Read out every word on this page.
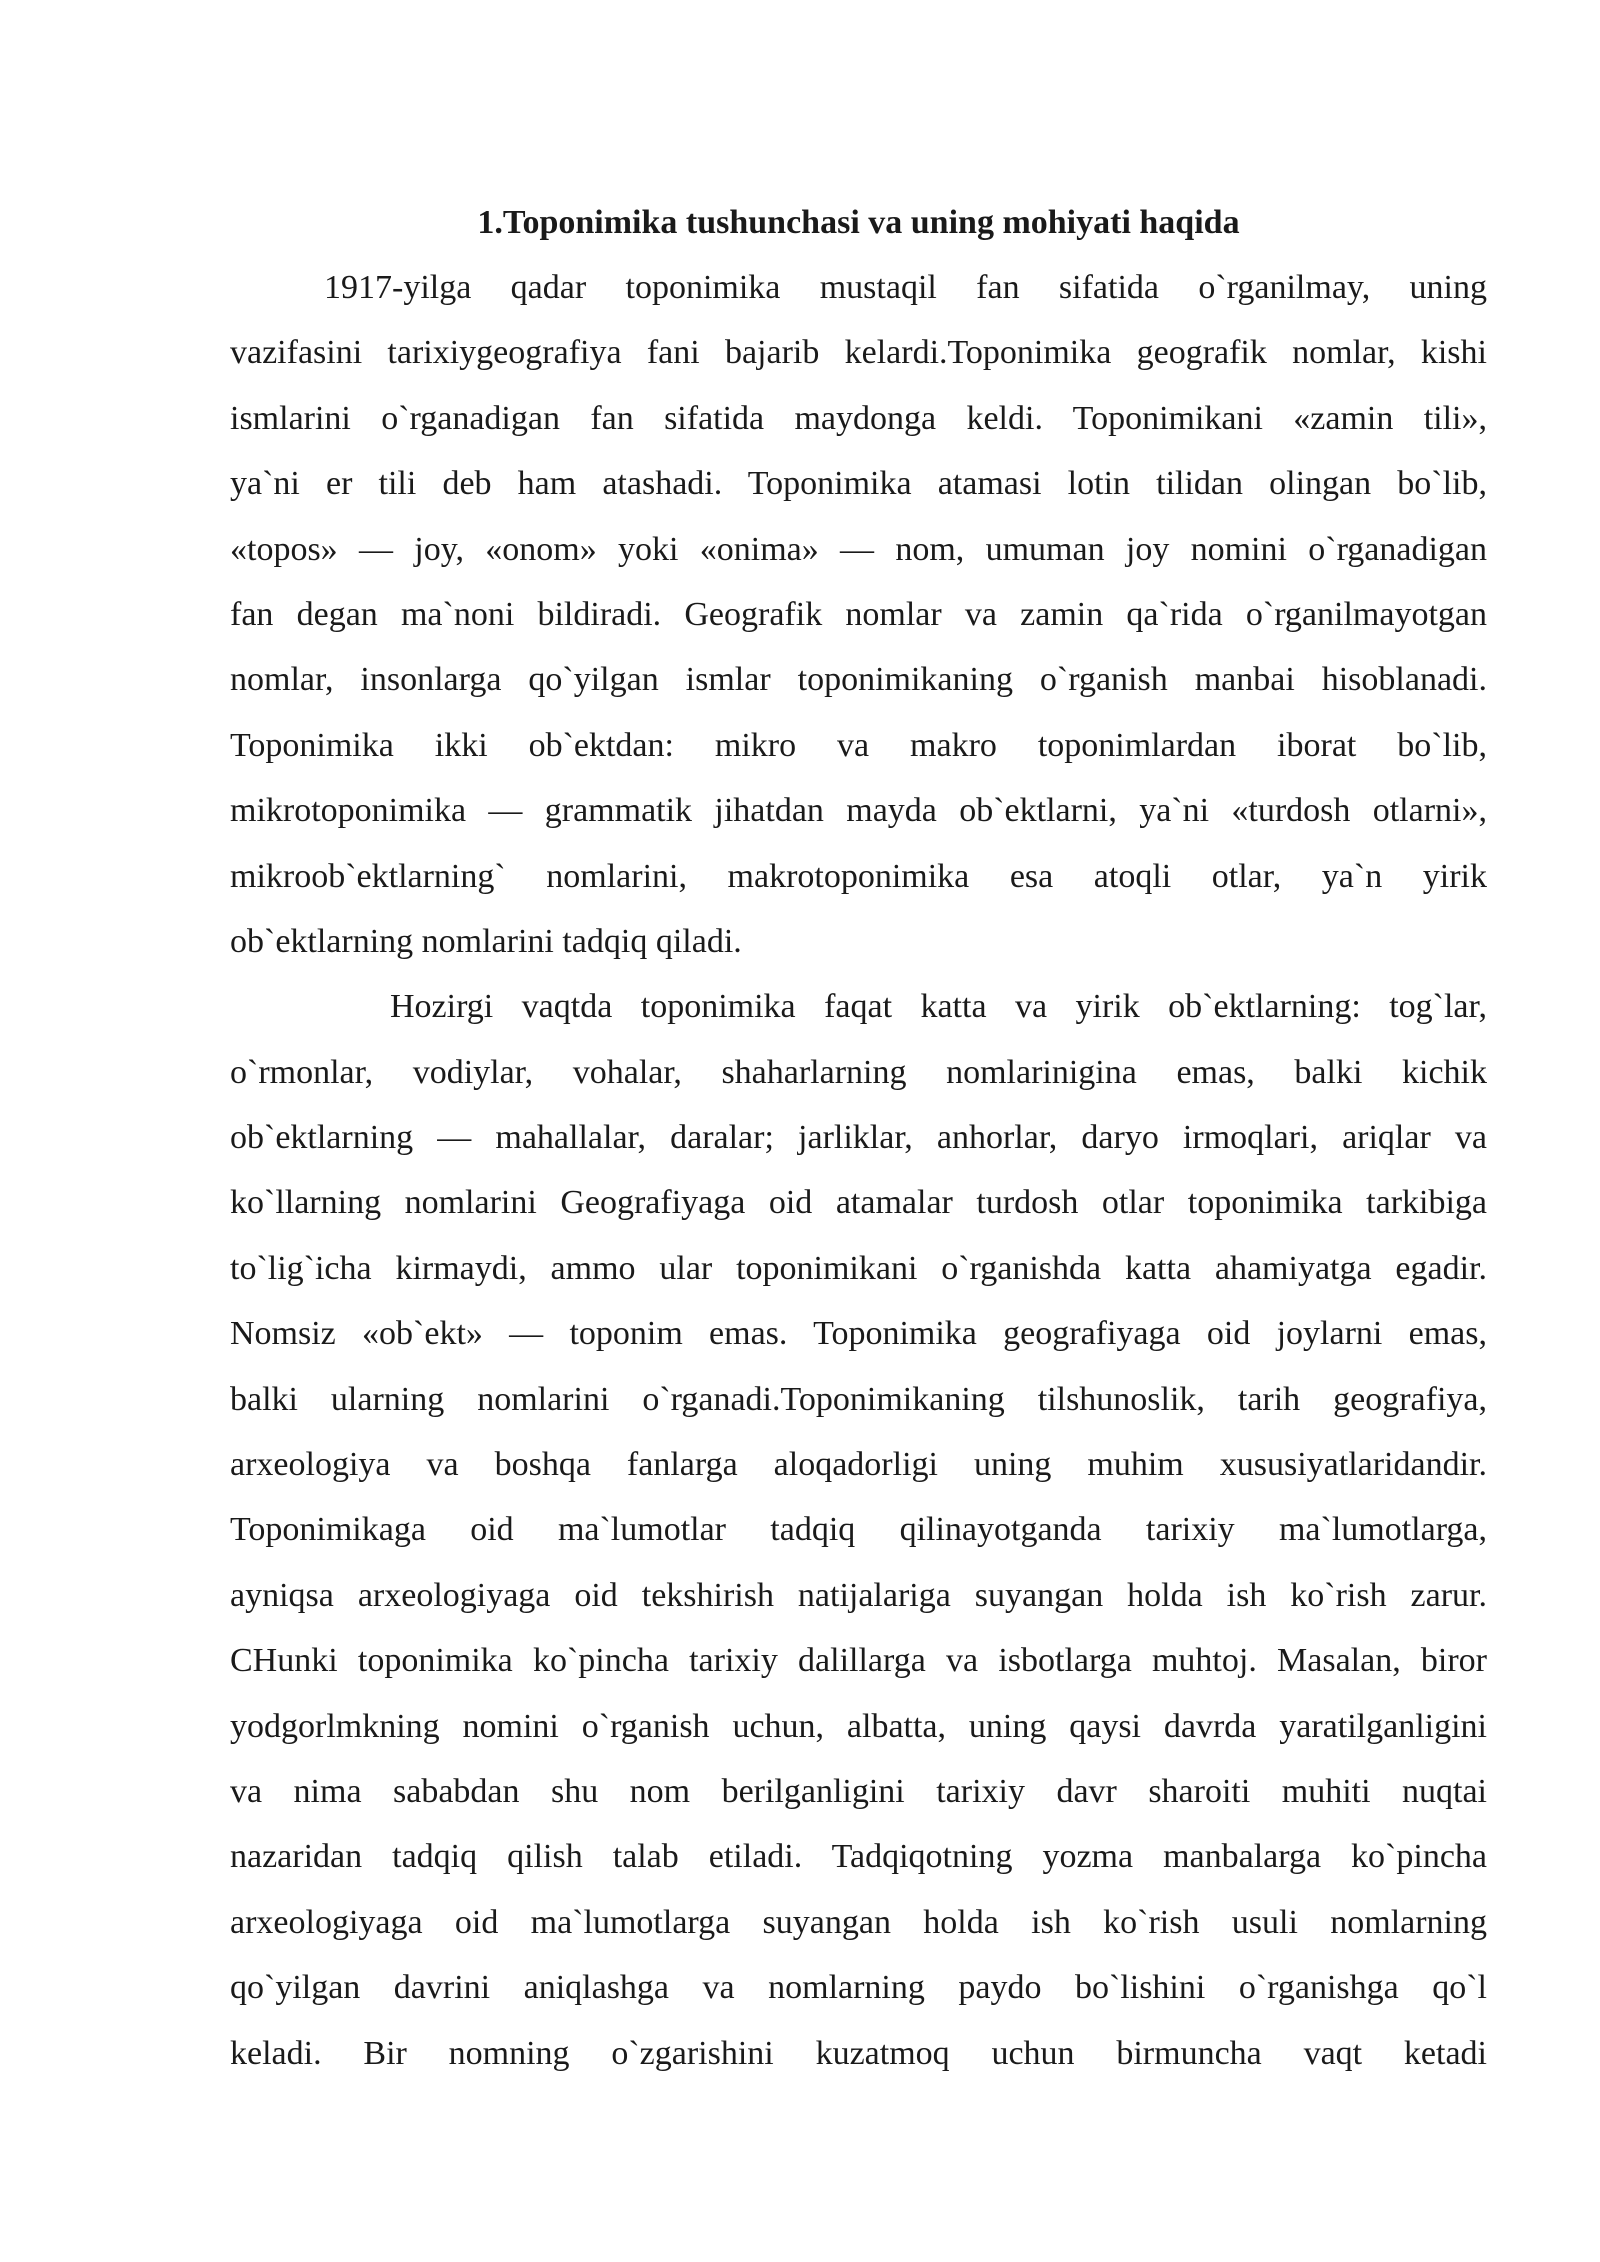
1.Toponimika tushunchasi va uning mohiyati haqida
1917-yilga qadar toponimika mustaqil fan sifatida o`rganilmay, uning
vazifasini tarixiygeografiya fani bajarib kelardi.Toponimika geografik nomlar, kishi
ismlarini o`rganadigan fan sifatida maydonga keldi. Toponimikani «zamin tili»,
ya`ni er tili deb ham atashadi. Toponimika atamasi lotin tilidan olingan bo`lib,
«topos» — joy, «onom» yoki «onima» — nom, umuman joy nomini o`rganadigan
fan degan ma`noni bildiradi. Geografik nomlar va zamin qa`rida o`rganilmayotgan
nomlar, insonlarga qo`yilgan ismlar toponimikaning o`rganish manbai hisoblanadi.
Toponimika ikki ob`ektdan: mikro va makro toponimlardan iborat bo`lib,
mikrotoponimika — grammatik jihatdan mayda ob`ektlarni, ya`ni «turdosh otlarni»,
mikroob`ektlarning` nomlarini, makrotoponimika esa atoqli otlar, ya`n yirik
ob`ektlarning nomlarini tadqiq qiladi.
Hozirgi vaqtda toponimika faqat katta va yirik ob`ektlarning: tog`lar,
o`rmonlar, vodiylar, vohalar, shaharlarning nomlarinigina emas, balki kichik
ob`ektlarning — mahallalar, daralar; jarliklar, anhorlar, daryo irmoqlari, ariqlar va
ko`llarning nomlarini Geografiyaga oid atamalar turdosh otlar toponimika tarkibiga
to`lig`icha kirmaydi, ammo ular toponimikani o`rganishda katta ahamiyatga egadir.
Nomsiz «ob`ekt» — toponim emas. Toponimika geografiyaga oid joylarni emas,
balki ularning nomlarini o`rganadi.Toponimikaning tilshunoslik, tarih geografiya,
arxeologiya va boshqa fanlarga aloqadorligi uning muhim xususiyatlaridandir.
Toponimikaga oid ma`lumotlar tadqiq qilinayotganda tarixiy ma`lumotlarga,
ayniqsa arxeologiyaga oid tekshirish natijalariga suyangan holda ish ko`rish zarur.
CHunki toponimika ko`pincha tarixiy dalillarga va isbotlarga muhtoj. Masalan, biror
yodgorlmkning nomini o`rganish uchun, albatta, uning qaysi davrda yaratilganligini
va nima sababdan shu nom berilganligini tarixiy davr sharoiti muhiti nuqtai
nazaridan tadqiq qilish talab etiladi. Tadqiqotning yozma manbalarga ko`pincha
arxeologiyaga oid ma`lumotlarga suyangan holda ish ko`rish usuli nomlarning
qo`yilgan davrini aniqlashga va nomlarning paydo bo`lishini o`rganishga qo`l
keladi. Bir nomning o`zgarishini kuzatmoq uchun birmuncha vaqt ketadi
